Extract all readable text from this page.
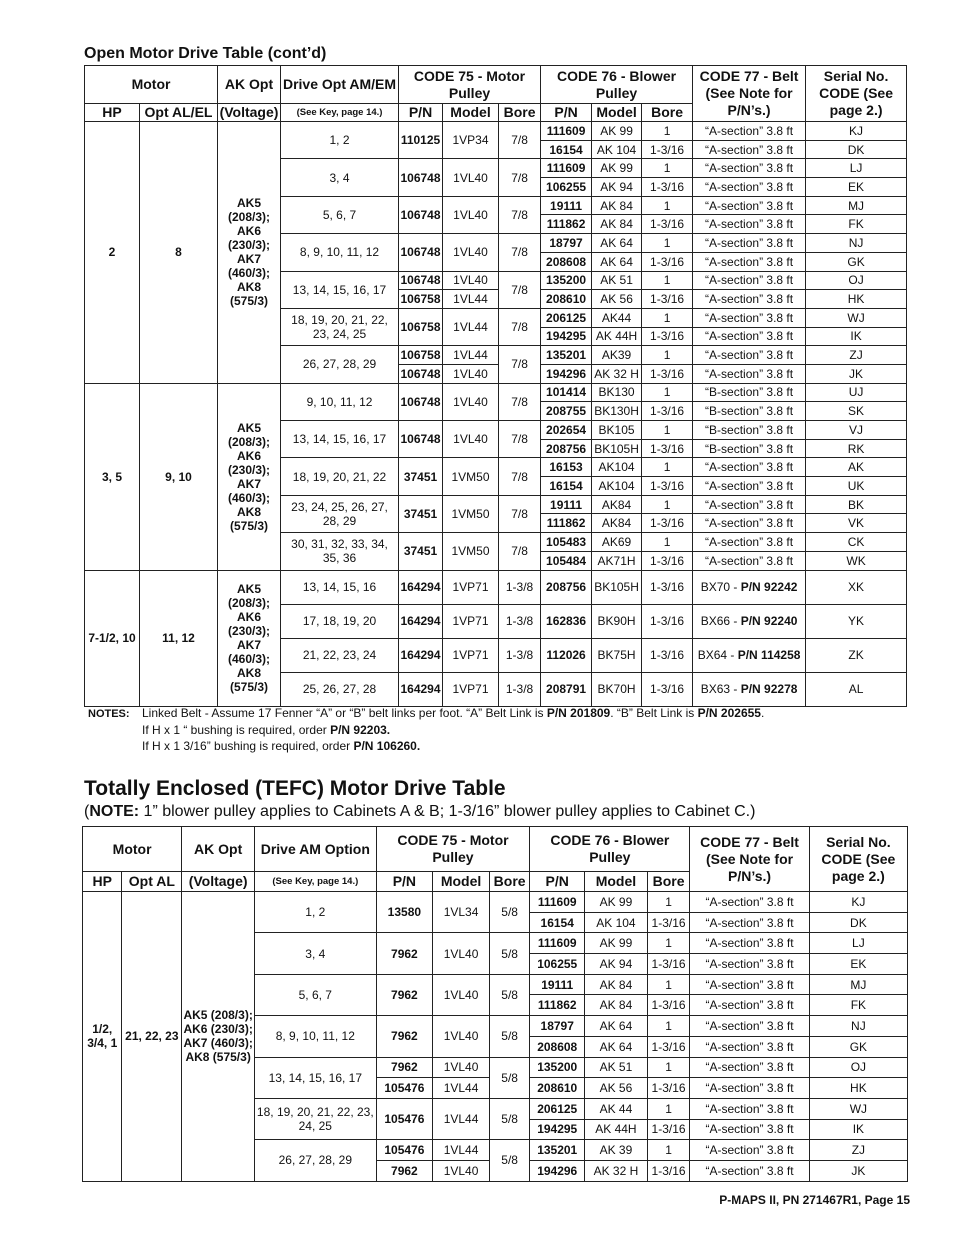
Open Motor Drive Table (cont’d)
Motor		AK Opt	Drive Opt AM/EM	CODE 75 - Motor Pulley			CODE 76 - Blower Pulley			CODE 77 - Belt (See Note for P/N’s.)	Serial No. CODE (See page 2.)
HP	Opt AL/EL	(Voltage)	(See Key, page 14.)	P/N	Model	Bore	P/N	Model	Bore		
2	8	AK5 (208/3); AK6 (230/3); AK7 (460/3); AK8 (575/3)	1, 2	110125	1VP34	7/8	111609	AK 99	1	“A-section” 3.8 ft	KJ
							16154	AK 104	1-3/16	“A-section” 3.8 ft	DK
			3, 4	106748	1VL40	7/8	111609	AK 99	1	“A-section” 3.8 ft	LJ
							106255	AK 94	1-3/16	“A-section” 3.8 ft	EK
			5, 6, 7	106748	1VL40	7/8	19111	AK 84	1	“A-section” 3.8 ft	MJ
							111862	AK 84	1-3/16	“A-section” 3.8 ft	FK
			8, 9, 10, 11, 12	106748	1VL40	7/8	18797	AK 64	1	“A-section” 3.8 ft	NJ
							208608	AK 64	1-3/16	“A-section” 3.8 ft	GK
			13, 14, 15, 16, 17	106748	1VL40	7/8	135200	AK 51	1	“A-section” 3.8 ft	OJ
				106758	1VL44		208610	AK 56	1-3/16	“A-section” 3.8 ft	HK
			18, 19, 20, 21, 22, 23, 24, 25	106758	1VL44	7/8	206125	AK44	1	“A-section” 3.8 ft	WJ
							194295	AK 44H	1-3/16	“A-section” 3.8 ft	IK
			26, 27, 28, 29	106758	1VL44	7/8	135201	AK39	1	“A-section” 3.8 ft	ZJ
				106748	1VL40		194296	AK 32 H	1-3/16	“A-section” 3.8 ft	JK
3, 5	9, 10	AK5 (208/3); AK6 (230/3); AK7 (460/3); AK8 (575/3)	9, 10, 11, 12	106748	1VL40	7/8	101414	BK130	1	“B-section” 3.8 ft	UJ
							208755	BK130H	1-3/16	“B-section” 3.8 ft	SK
			13, 14, 15, 16, 17	106748	1VL40	7/8	202654	BK105	1	“B-section” 3.8 ft	VJ
							208756	BK105H	1-3/16	“B-section” 3.8 ft	RK
			18, 19, 20, 21, 22	37451	1VM50	7/8	16153	AK104	1	“A-section” 3.8 ft	AK
							16154	AK104	1-3/16	“A-section” 3.8 ft	UK
			23, 24, 25, 26, 27, 28, 29	37451	1VM50	7/8	19111	AK84	1	“A-section” 3.8 ft	BK
							111862	AK84	1-3/16	“A-section” 3.8 ft	VK
			30, 31, 32, 33, 34, 35, 36	37451	1VM50	7/8	105483	AK69	1	“A-section” 3.8 ft	CK
							105484	AK71H	1-3/16	“A-section” 3.8 ft	WK
7-1/2, 10	11, 12	AK5 (208/3); AK6 (230/3); AK7 (460/3); AK8 (575/3)	13, 14, 15, 16	164294	1VP71	1-3/8	208756	BK105H	1-3/16	BX70 - P/N 92242	XK
			17, 18, 19, 20	164294	1VP71	1-3/8	162836	BK90H	1-3/16	BX66 - P/N 92240	YK
			21, 22, 23, 24	164294	1VP71	1-3/8	112026	BK75H	1-3/16	BX64 - P/N 114258	ZK
			25, 26, 27, 28	164294	1VP71	1-3/8	208791	BK70H	1-3/16	BX63 - P/N 92278	AL
NOTES: Linked Belt - Assume 17 Fenner “A” or “B” belt links per foot. “A” Belt Link is P/N 201809. “B” Belt Link is P/N 202655.
If H x 1 “ bushing is required, order P/N 92203.
If H x 1 3/16” bushing is required, order P/N 106260.
Totally Enclosed (TEFC) Motor Drive Table
(NOTE: 1” blower pulley applies to Cabinets A & B; 1-3/16” blower pulley applies to Cabinet C.)
Motor		AK Opt	Drive AM Option	CODE 75 - Motor Pulley			CODE 76 - Blower Pulley			CODE 77 - Belt (See Note for P/N’s.)	Serial No. CODE (See page 2.)
HP	Opt AL	(Voltage)	(See Key, page 14.)	P/N	Model	Bore	P/N	Model	Bore		
1/2, 3/4, 1	21, 22, 23	AK5 (208/3); AK6 (230/3); AK7 (460/3); AK8 (575/3)	1, 2	13580	1VL34	5/8	111609	AK 99	1	“A-section” 3.8 ft	KJ
							16154	AK 104	1-3/16	“A-section” 3.8 ft	DK
			3, 4	7962	1VL40	5/8	111609	AK 99	1	“A-section” 3.8 ft	LJ
							106255	AK 94	1-3/16	“A-section” 3.8 ft	EK
			5, 6, 7	7962	1VL40	5/8	19111	AK 84	1	“A-section” 3.8 ft	MJ
							111862	AK 84	1-3/16	“A-section” 3.8 ft	FK
			8, 9, 10, 11, 12	7962	1VL40	5/8	18797	AK 64	1	“A-section” 3.8 ft	NJ
							208608	AK 64	1-3/16	“A-section” 3.8 ft	GK
			13, 14, 15, 16, 17	7962	1VL40	5/8	135200	AK 51	1	“A-section” 3.8 ft	OJ
				105476	1VL44		208610	AK 56	1-3/16	“A-section” 3.8 ft	HK
			18, 19, 20, 21, 22, 23, 24, 25	105476	1VL44	5/8	206125	AK 44	1	“A-section” 3.8 ft	WJ
							194295	AK 44H	1-3/16	“A-section” 3.8 ft	IK
			26, 27, 28, 29	105476	1VL44	5/8	135201	AK 39	1	“A-section” 3.8 ft	ZJ
				7962	1VL40		194296	AK 32 H	1-3/16	“A-section” 3.8 ft	JK
P-MAPS II, PN 271467R1, Page 15
